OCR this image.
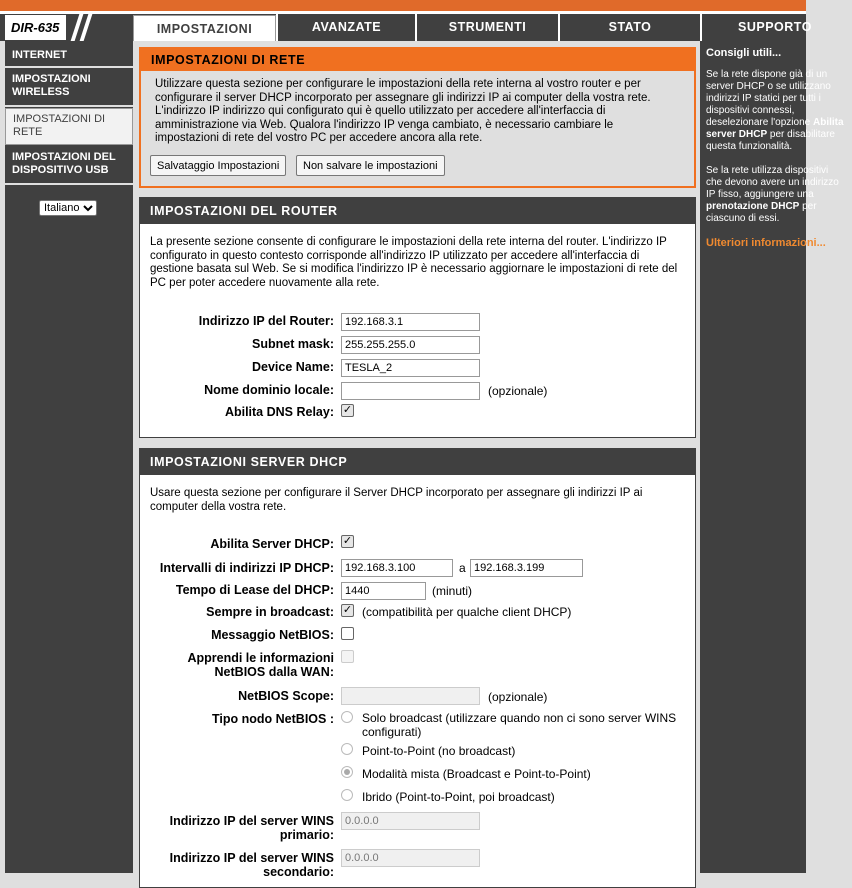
DIR-635	IMPOSTAZIONI	AVANZATE	STRUMENTI	STATO	SUPPORTO
INTERNET
IMPOSTAZIONI WIRELESS
IMPOSTAZIONI DI RETE
IMPOSTAZIONI DEL DISPOSITIVO USB
Italiano
Consigli utili...

Se la rete dispone già di un server DHCP o se utilizzano indirizzi IP statici per tutti i dispositivi connessi, deselezionare l'opzione Abilita server DHCP per disabilitare questa funzionalità.

Se la rete utilizza dispositivi che devono avere un indirizzo IP fisso, aggiungere una prenotazione DHCP per ciascuno di essi.

Ulteriori informazioni...
IMPOSTAZIONI DI RETE
Utilizzare questa sezione per configurare le impostazioni della rete interna al vostro router e per configurare il server DHCP incorporato per assegnare gli indirizzi IP ai computer della vostra rete. L'indirizzo IP indirizzo qui configurato qui è quello utilizzato per accedere all'interfaccia di amministrazione via Web. Qualora l'indirizzo IP venga cambiato, è necessario cambiare le impostazioni di rete del vostro PC per accedere ancora alla rete.
Salvataggio Impostazioni	Non salvare le impostazioni
IMPOSTAZIONI DEL ROUTER
La presente sezione consente di configurare le impostazioni della rete interna del router. L'indirizzo IP configurato in questo contesto corrisponde all'indirizzo IP utilizzato per accedere all'interfaccia di gestione basata sul Web. Se si modifica l'indirizzo IP è necessario aggiornare le impostazioni di rete del PC per poter accedere nuovamente alla rete.
Indirizzo IP del Router:
192.168.3.1
Subnet mask:
255.255.255.0
Device Name:
TESLA_2
Nome dominio locale:	(opzionale)
Abilita DNS Relay: ✓
IMPOSTAZIONI SERVER DHCP
Usare questa sezione per configurare il Server DHCP incorporato per assegnare gli indirizzi IP ai computer della vostra rete.
Abilita Server DHCP: ✓
Intervalli di indirizzi IP DHCP:
192.168.3.100	a
192.168.3.199
Tempo di Lease del DHCP:
1440	(minuti)
Sempre in broadcast: ✓ (compatibilità per qualche client DHCP)
Messaggio NetBIOS:
Apprendi le informazioni
NetBIOS dalla WAN:
NetBIOS Scope:	(opzionale)
Tipo nodo NetBIOS : Solo broadcast (utilizzare quando non ci sono server WINS configurati)
Point-to-Point (no broadcast)
Modalità mista (Broadcast e Point-to-Point)
Ibrido (Point-to-Point, poi broadcast)
Indirizzo IP del server WINS
primario:
0.0.0.0
Indirizzo IP del server WINS
secondario:
0.0.0.0
